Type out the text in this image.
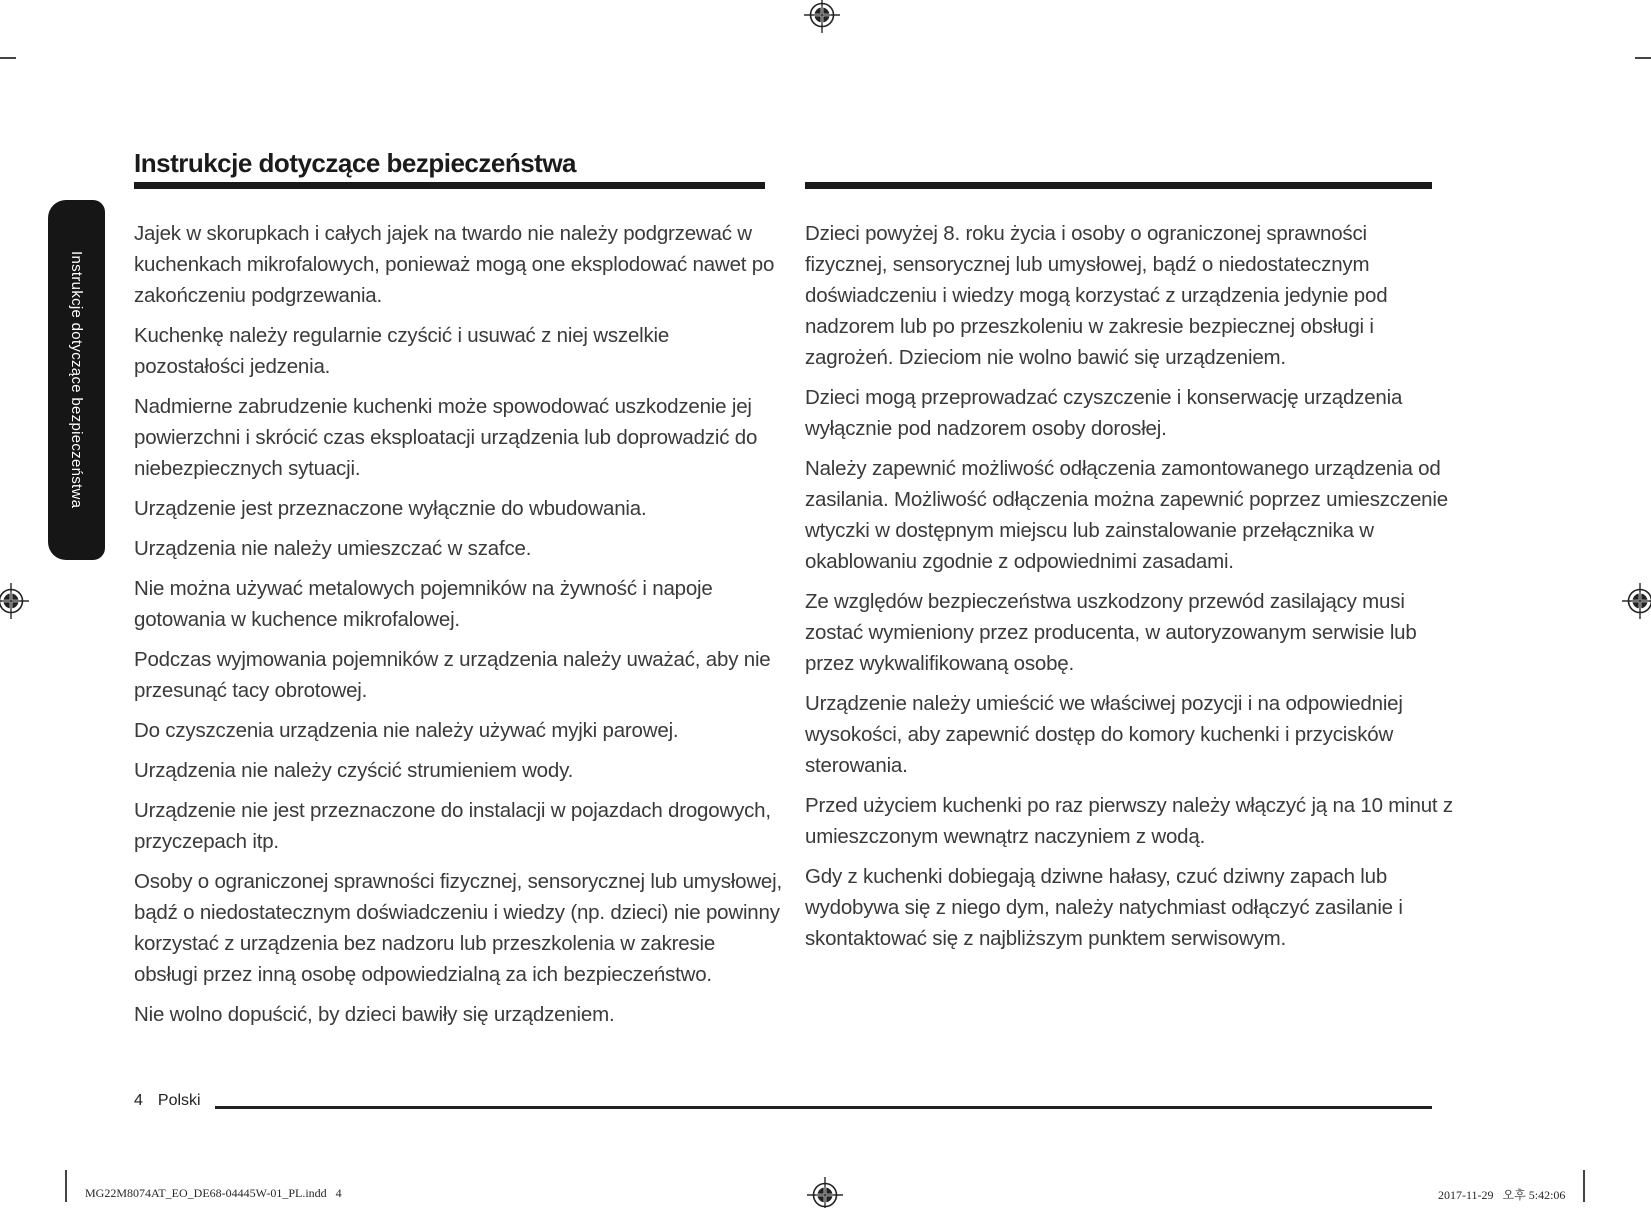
Instrukcje dotyczące bezpieczeństwa
Instrukcje dotyczące bezpieczeństwa

Jajek w skorupkach i całych jajek na twardo nie należy podgrzewać w kuchenkach mikrofalowych, ponieważ mogą one eksplodować nawet po zakończeniu podgrzewania.

Kuchenkę należy regularnie czyścić i usuwać z niej wszelkie pozostałości jedzenia.

Nadmierne zabrudzenie kuchenki może spowodować uszkodzenie jej powierzchni i skrócić czas eksploatacji urządzenia lub doprowadzić do niebezpiecznych sytuacji.

Urządzenie jest przeznaczone wyłącznie do wbudowania.

Urządzenia nie należy umieszczać w szafce.

Nie można używać metalowych pojemników na żywność i napoje gotowania w kuchence mikrofalowej.

Podczas wyjmowania pojemników z urządzenia należy uważać, aby nie przesunąć tacy obrotowej.

Do czyszczenia urządzenia nie należy używać myjki parowej.

Urządzenia nie należy czyścić strumieniem wody.

Urządzenie nie jest przeznaczone do instalacji w pojazdach drogowych, przyczepach itp.

Osoby o ograniczonej sprawności fizycznej, sensorycznej lub umysłowej, bądź o niedostatecznym doświadczeniu i wiedzy (np. dzieci) nie powinny korzystać z urządzenia bez nadzoru lub przeszkolenia w zakresie obsługi przez inną osobę odpowiedzialną za ich bezpieczeństwo.

Nie wolno dopuścić, by dzieci bawiły się urządzeniem.

Dzieci powyżej 8. roku życia i osoby o ograniczonej sprawności fizycznej, sensorycznej lub umysłowej, bądź o niedostatecznym doświadczeniu i wiedzy mogą korzystać z urządzenia jedynie pod nadzorem lub po przeszkoleniu w zakresie bezpiecznej obsługi i zagrożeń. Dzieciom nie wolno bawić się urządzeniem.

Dzieci mogą przeprowadzać czyszczenie i konserwację urządzenia wyłącznie pod nadzorem osoby dorosłej.

Należy zapewnić możliwość odłączenia zamontowanego urządzenia od zasilania. Możliwość odłączenia można zapewnić poprzez umieszczenie wtyczki w dostępnym miejscu lub zainstalowanie przełącznika w okablowaniu zgodnie z odpowiednimi zasadami.

Ze względów bezpieczeństwa uszkodzony przewód zasilający musi zostać wymieniony przez producenta, w autoryzowanym serwisie lub przez wykwalifikowaną osobę.

Urządzenie należy umieścić we właściwej pozycji i na odpowiedniej wysokości, aby zapewnić dostęp do komory kuchenki i przycisków sterowania.

Przed użyciem kuchenki po raz pierwszy należy włączyć ją na 10 minut z umieszczonym wewnątrz naczyniem z wodą.

Gdy z kuchenki dobiegają dziwne hałasy, czuć dziwny zapach lub wydobywa się z niego dym, należy natychmiast odłączyć zasilanie i skontaktować się z najbliższym punktem serwisowym.

4 Polski
MG22M8074AT_EO_DE68-04445W-01_PL.indd   4	2017-11-29   오후 5:42:06
